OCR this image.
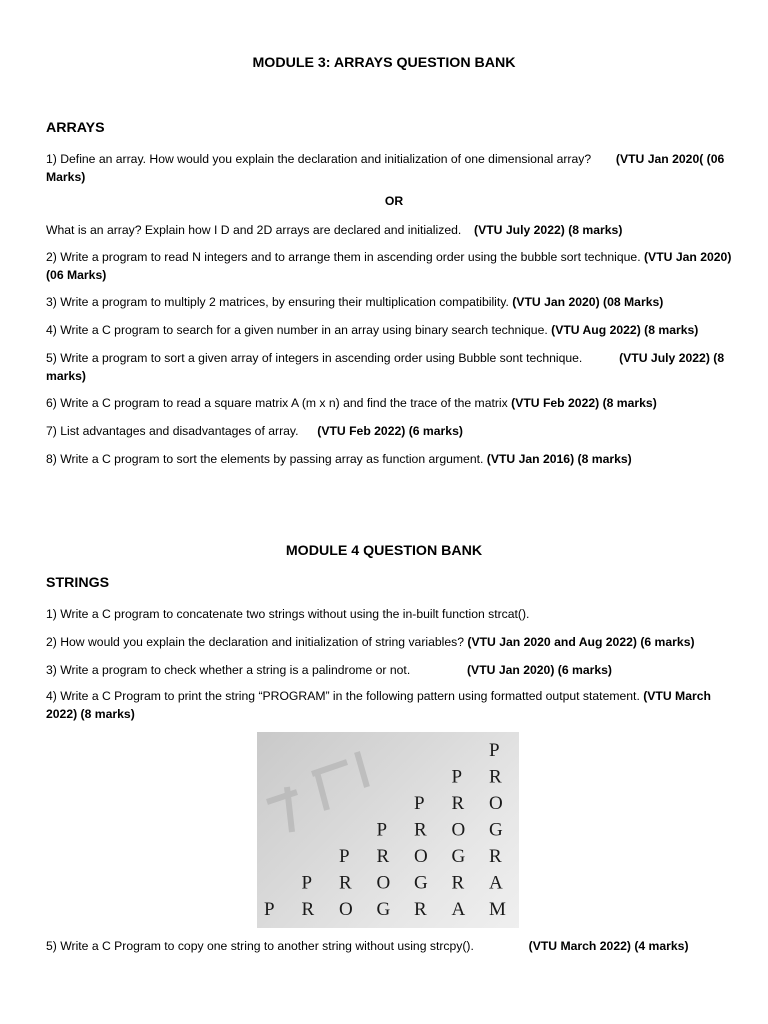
MODULE 3: ARRAYS QUESTION BANK
ARRAYS
1) Define an array. How would you explain the declaration and initialization of one dimensional array? (VTU Jan 2020( (06 Marks)
OR
What is an array? Explain how I D and 2D arrays are declared and initialized. (VTU July 2022) (8 marks)
2) Write a program to read N integers and to arrange them in ascending order using the bubble sort technique. (VTU Jan 2020) (06 Marks)
3) Write a program to multiply 2 matrices, by ensuring their multiplication compatibility. (VTU Jan 2020) (08 Marks)
4) Write a C program to search for a given number in an array using binary search technique. (VTU Aug 2022) (8 marks)
5) Write a program to sort a given array of integers in ascending order using Bubble sont technique.	(VTU July 2022) (8 marks)
6) Write a C program to read a square matrix A (m x n) and find the trace of the matrix (VTU Feb 2022) (8 marks)
7) List advantages and disadvantages of array. (VTU Feb 2022) (6 marks)
8) Write a C program to sort the elements by passing array as function argument. (VTU Jan 2016) (8 marks)
MODULE 4 QUESTION BANK
STRINGS
1) Write a C program to concatenate two strings without using the in-built function strcat().
2) How would you explain the declaration and initialization of string variables? (VTU Jan 2020 and Aug 2022) (6 marks)
3) Write a program to check whether a string is a palindrome or not.	(VTU Jan 2020) (6 marks)
4) Write a C Program to print the string “PROGRAM” in the following pattern using formatted output statement. (VTU March 2022) (8 marks)
P
PR
PRO
PROG
PROGR
PROGRA
PROGRAM
5) Write a C Program to copy one string to another string without using strcpy().	(VTU March 2022) (4 marks)
